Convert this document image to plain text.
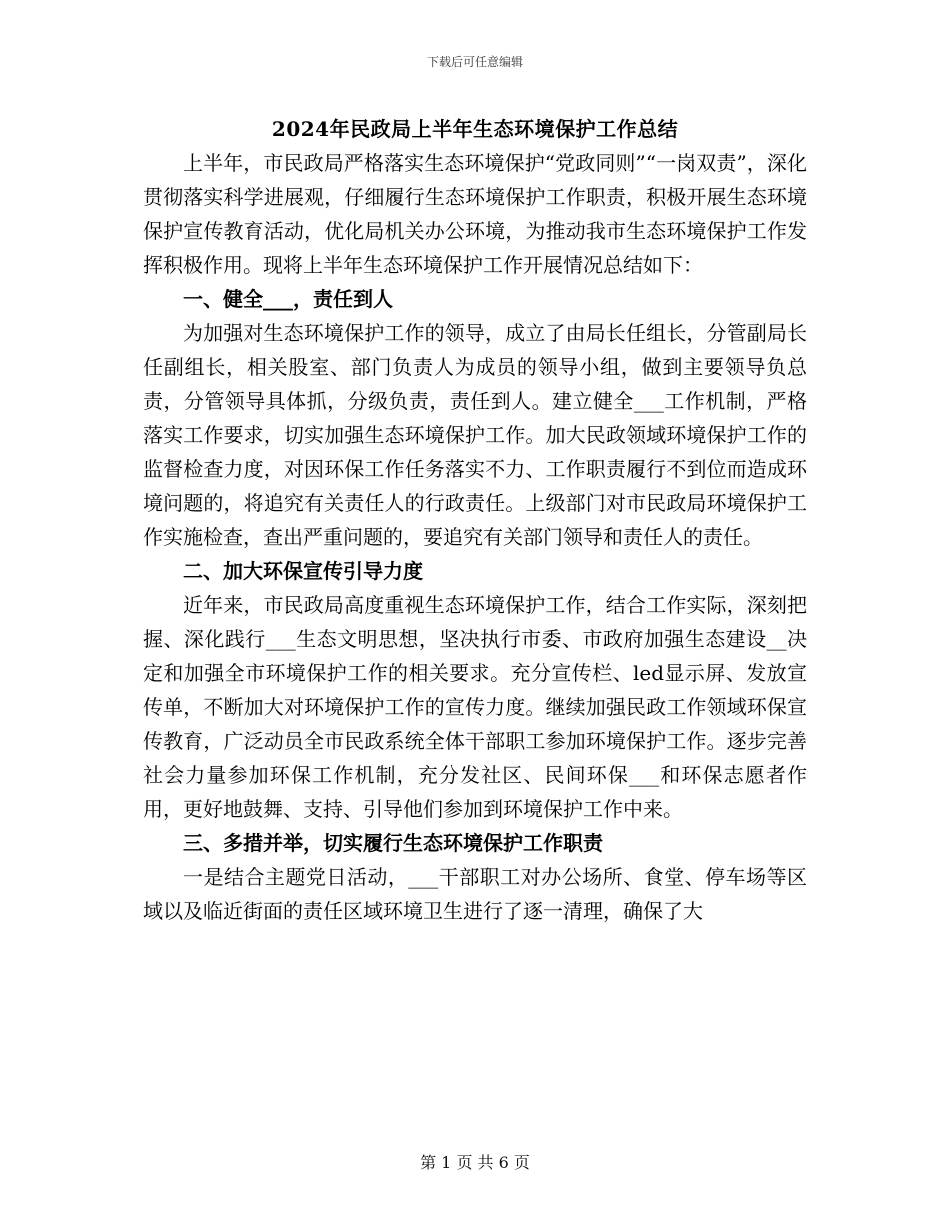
下载后可任意编辑
2024年民政局上半年生态环境保护工作总结

上半年，市民政局严格落实生态环境保护“党政同则”“一岗双责”，深化贯彻落实科学进展观，仔细履行生态环境保护工作职责，积极开展生态环境保护宣传教育活动，优化局机关办公环境，为推动我市生态环境保护工作发挥积极作用。现将上半年生态环境保护工作开展情况总结如下：

一、健全___，责任到人

为加强对生态环境保护工作的领导，成立了由局长任组长，分管副局长任副组长，相关股室、部门负责人为成员的领导小组，做到主要领导负总责，分管领导具体抓，分级负责，责任到人。建立健全___工作机制，严格落实工作要求，切实加强生态环境保护工作。加大民政领域环境保护工作的监督检查力度，对因环保工作任务落实不力、工作职责履行不到位而造成环境问题的，将追究有关责任人的行政责任。上级部门对市民政局环境保护工作实施检查，查出严重问题的，要追究有关部门领导和责任人的责任。

二、加大环保宣传引导力度

近年来，市民政局高度重视生态环境保护工作，结合工作实际，深刻把握、深化践行___生态文明思想，坚决执行市委、市政府加强生态建设__决定和加强全市环境保护工作的相关要求。充分宣传栏、led显示屏、发放宣传单，不断加大对环境保护工作的宣传力度。继续加强民政工作领域环保宣传教育，广泛动员全市民政系统全体干部职工参加环境保护工作。逐步完善社会力量参加环保工作机制，充分发社区、民间环保___和环保志愿者作用，更好地鼓舞、支持、引导他们参加到环境保护工作中来。

三、多措并举，切实履行生态环境保护工作职责

一是结合主题党日活动，___干部职工对办公场所、食堂、停车场等区域以及临近街面的责任区域环境卫生进行了逐一清理，确保了大

第 1 页 共 6 页
